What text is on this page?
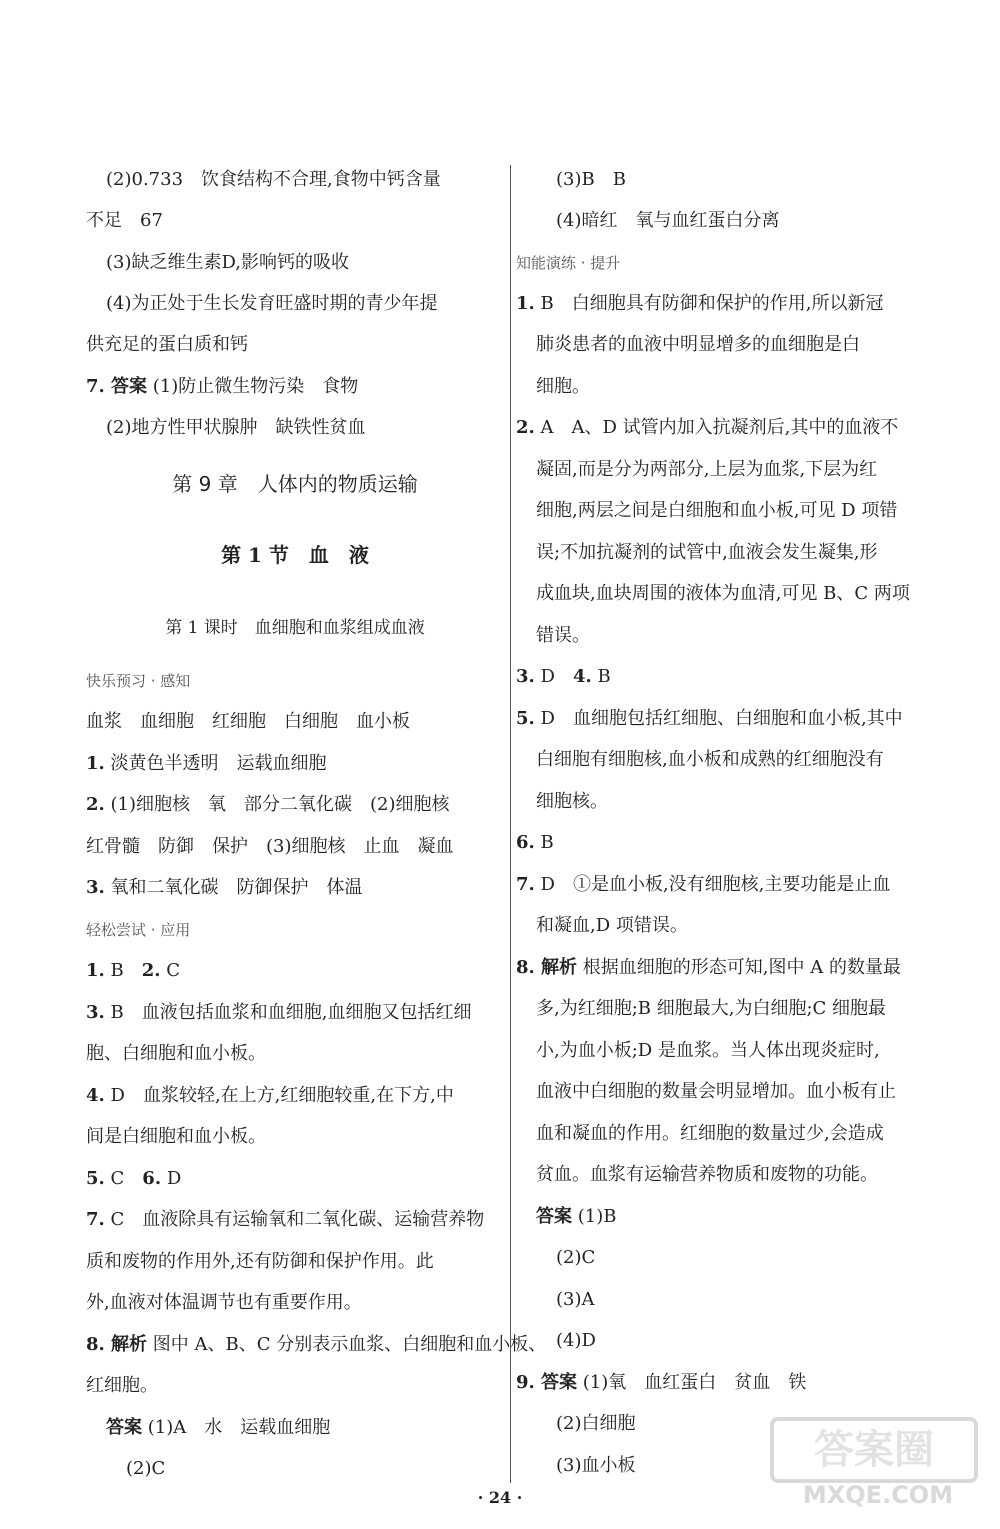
(2)0.733　饮食结构不合理,食物中钙含量
不足　67
(3)缺乏维生素D,影响钙的吸收
(4)为正处于生长发育旺盛时期的青少年提
供充足的蛋白质和钙
7. 答案 (1)防止微生物污染　食物
(2)地方性甲状腺肿　缺铁性贫血
第 9 章　人体内的物质运输
第 1 节　血　液
第 1 课时　血细胞和血浆组成血液
快乐预习 · 感知
血浆　血细胞　红细胞　白细胞　血小板
1. 淡黄色半透明　运载血细胞
2. (1)细胞核　氧　部分二氧化碳　(2)细胞核
红骨髓　防御　保护　(3)细胞核　止血　凝血
3. 氧和二氧化碳　防御保护　体温
轻松尝试 · 应用
1. B　2. C
3. B　血液包括血浆和血细胞,血细胞又包括红细
胞、白细胞和血小板。
4. D　血浆较轻,在上方,红细胞较重,在下方,中
间是白细胞和血小板。
5. C　6. D
7. C　血液除具有运输氧和二氧化碳、运输营养物
质和废物的作用外,还有防御和保护作用。此
外,血液对体温调节也有重要作用。
8. 解析 图中 A、B、C 分别表示血浆、白细胞和血小板、
红细胞。
答案 (1)A　水　运载血细胞
(2)C
(3)B　B
(4)暗红　氧与血红蛋白分离
知能演练 · 提升
1. B　白细胞具有防御和保护的作用,所以新冠
肺炎患者的血液中明显增多的血细胞是白
细胞。
2. A　A、D 试管内加入抗凝剂后,其中的血液不
凝固,而是分为两部分,上层为血浆,下层为红
细胞,两层之间是白细胞和血小板,可见 D 项错
误;不加抗凝剂的试管中,血液会发生凝集,形
成血块,血块周围的液体为血清,可见 B、C 两项
错误。
3. D　4. B
5. D　血细胞包括红细胞、白细胞和血小板,其中
白细胞有细胞核,血小板和成熟的红细胞没有
细胞核。
6. B
7. D　①是血小板,没有细胞核,主要功能是止血
和凝血,D 项错误。
8. 解析 根据血细胞的形态可知,图中 A 的数量最
多,为红细胞;B 细胞最大,为白细胞;C 细胞最
小,为血小板;D 是血浆。当人体出现炎症时,
血液中白细胞的数量会明显增加。血小板有止
血和凝血的作用。红细胞的数量过少,会造成
贫血。血浆有运输营养物质和废物的功能。
答案 (1)B
(2)C
(3)A
(4)D
9. 答案 (1)氧　血红蛋白　贫血　铁
(2)白细胞
(3)血小板
· 24 ·
答案圈
MXQE.COM
